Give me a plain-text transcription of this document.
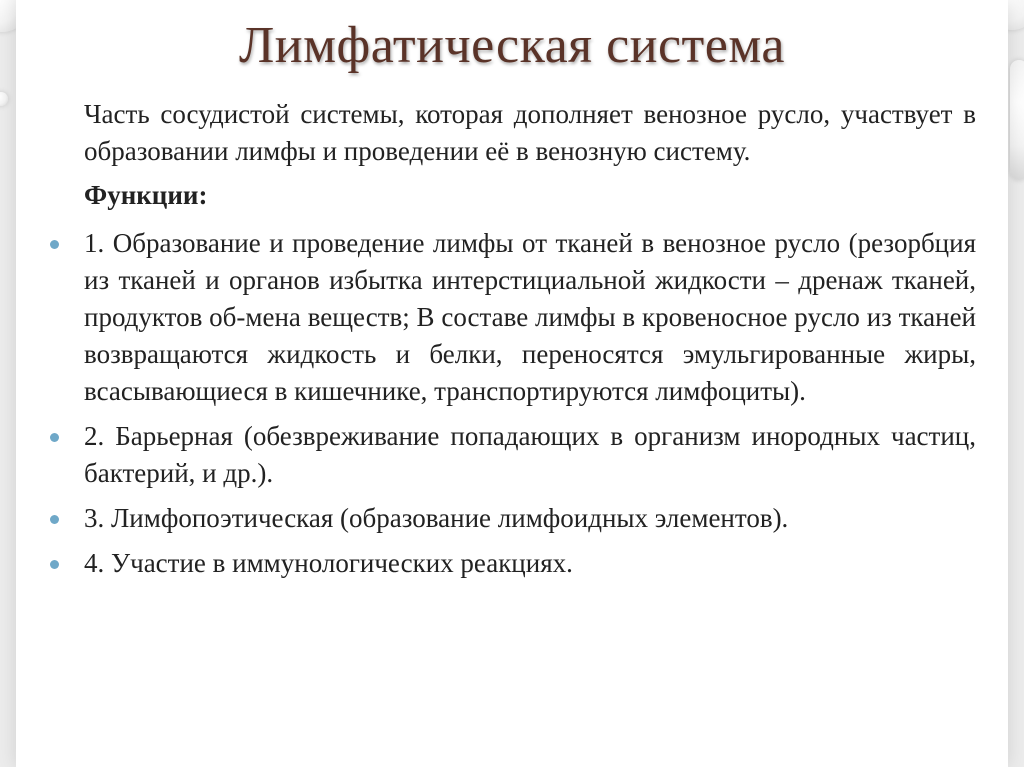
Лимфатическая система

Часть сосудистой системы, которая дополняет венозное русло, участвует в образовании лимфы и проведении её в венозную систему.

Функции:

1. Образование и проведение лимфы от тканей в венозное русло (резорбция из тканей и органов избытка интерстициальной жидкости – дренаж тканей, продуктов об-мена веществ; В составе лимфы в кровеносное русло из тканей возвращаются жидкость и белки, переносятся эмульгированные жиры, всасывающиеся в кишечнике, транспортируются лимфоциты).
2. Барьерная (обезвреживание попадающих в организм инородных частиц, бактерий, и др.).
3. Лимфопоэтическая (образование лимфоидных элементов).
4. Участие в иммунологических реакциях.
